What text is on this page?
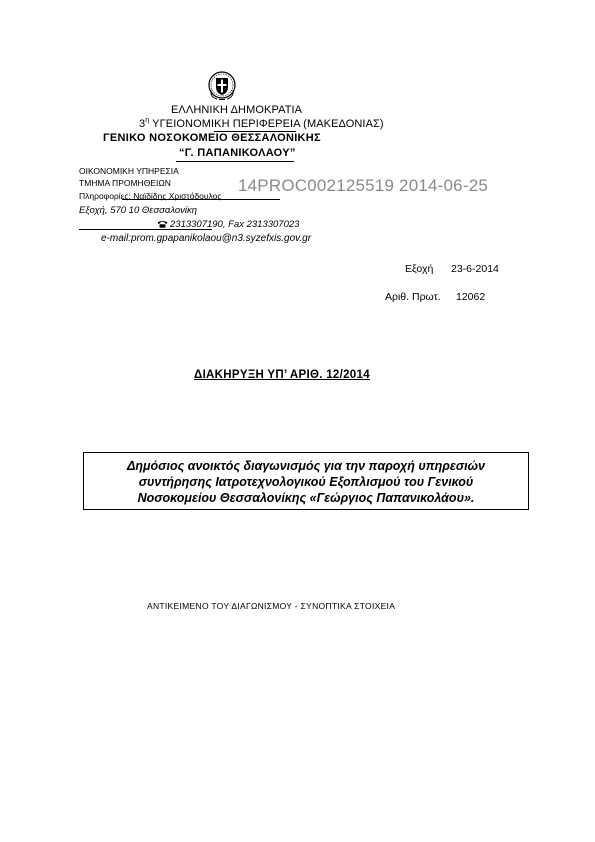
ΕΛΛΗΝΙΚΗ ΔΗΜΟΚΡΑΤΙΑ
$3^\eta$ ΥΓΕΙΟΝΟΜΙΚΗ ΠΕΡΙΦΕΡΕΙΑ (ΜΑΚΕΔΟΝΙΑΣ)
ΓΕΝΙΚΟ ΝΟΣΟΚΟΜΕΙΟ ΘΕΣΣΑΛΟΝΙΚΗΣ
“Γ. ΠΑΠΑΝΙΚΟΛΑΟΥ”
ΟΙΚΟΝΟΜΙΚΗ ΥΠΗΡΕΣΙΑ
ΤΜΗΜΑ ΠΡΟΜΗΘΕΙΩΝ
Πληροφορίες: Ναϊδίδης Χριστόδουλος
Εξοχή, 570 10 Θεσσαλονίκη
2313307190, Fax 2313307023
e-mail:prom.gpapanikolaou@n3.syzefxis.gov.gr
14PROC002125519 2014-06-25
Εξοχή 23-6-2014
Αριθ. Πρωτ. 12062
ΔΙΑΚΗΡΥΞΗ ΥΠ’ ΑΡΙΘ. 12/2014
Δημόσιος ανοικτός διαγωνισμός για την παροχή υπηρεσιών
συντήρησης Ιατροτεχνολογικού Εξοπλισμού του Γενικού
Νοσοκομείου Θεσσαλονίκης «Γεώργιος Παπανικολάου».
ΑΝΤΙΚΕΙΜΕΝΟ ΤΟΥ ΔΙΑΓΩΝΙΣΜΟΥ - ΣΥΝΟΠΤΙΚΑ ΣΤΟΙΧΕΙΑ
